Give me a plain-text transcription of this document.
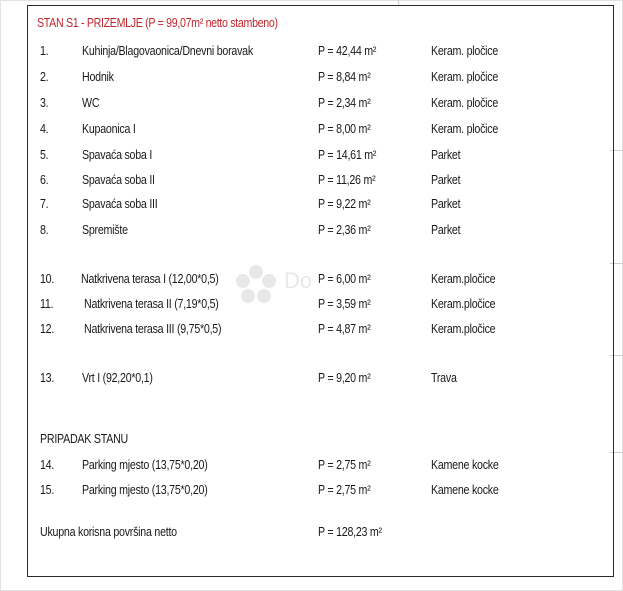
STAN S1 - PRIZEMLJE (P = 99,07m² netto stambeno)
Do
1.	Kuhinja/Blagovaonica/Dnevni boravak	P = 42,44 m²	Keram. pločice
2.	Hodnik	P = 8,84 m²	Keram. pločice
3.	WC	P = 2,34 m²	Keram. pločice
4.	Kupaonica I	P = 8,00 m²	Keram. pločice
5.	Spavaća soba I	P = 14,61 m²	Parket
6.	Spavaća soba II	P = 11,26 m²	Parket
7.	Spavaća soba III	P = 9,22 m²	Parket
8.	Spremište	P = 2,36 m²	Parket
10. Natkrivena terasa I (12,00*0,5)	P = 6,00 m²	Keram.pločice
11. Natkrivena terasa II (7,19*0,5)	P = 3,59 m²	Keram.pločice
12. Natkrivena terasa III (9,75*0,5)	P = 4,87 m²	Keram.pločice
13. Vrt I (92,20*0,1)	P = 9,20 m²	Trava
PRIPADAK STANU
14. Parking mjesto (13,75*0,20)	P = 2,75 m²	Kamene kocke
15. Parking mjesto (13,75*0,20)	P = 2,75 m²	Kamene kocke
Ukupna korisna površina netto	P = 128,23 m²
